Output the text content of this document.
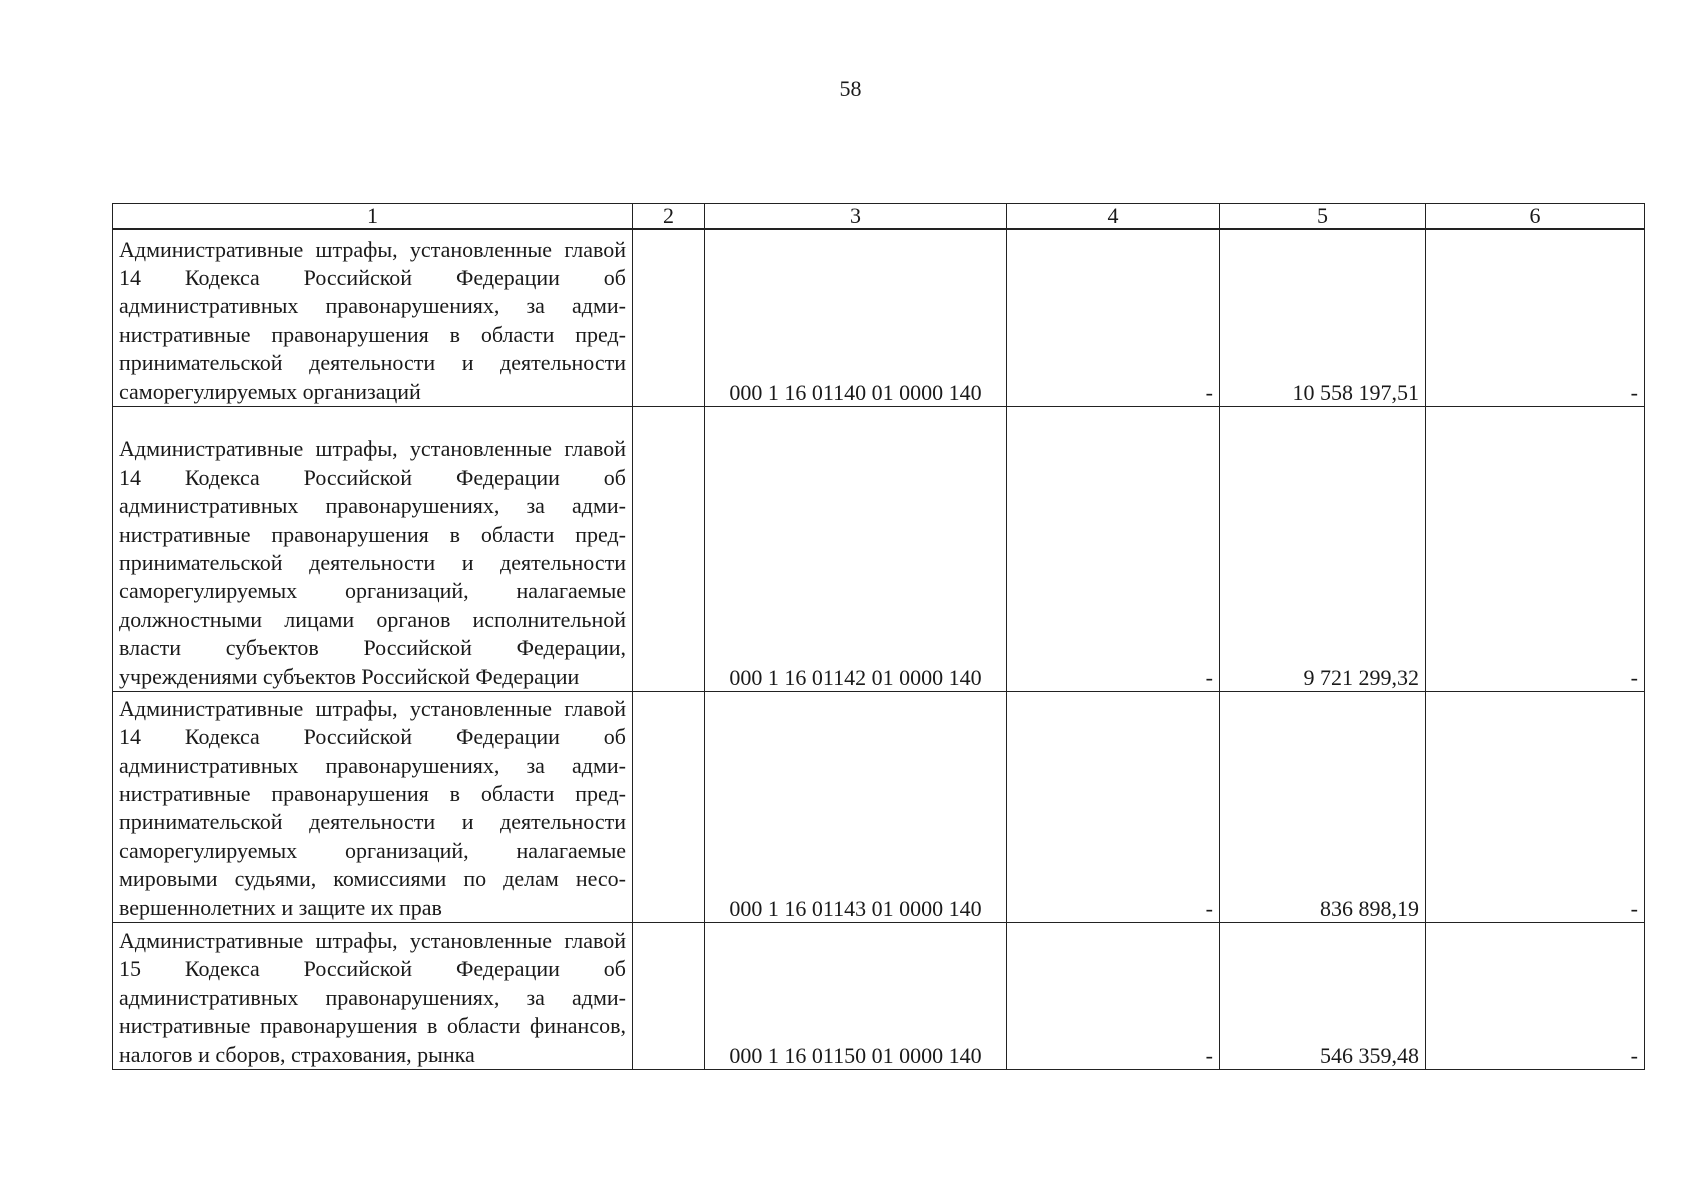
58
1	2	3	4	5	6
Административные штрафы, установленные главой 14 Кодекса Российской Федерации об административных правонарушениях, за административные правонарушения в области предпринимательской деятельности и деятельности саморегулируемых организаций		000 1 16 01140 01 0000 140	-	10 558 197,51	-
Административные штрафы, установленные главой 14 Кодекса Российской Федерации об административных правонарушениях, за административные правонарушения в области предпринимательской деятельности и деятельности саморегулируемых организаций, налагаемые должностными лицами органов исполнительной власти субъектов Российской Федерации, учреждениями субъектов Российской Федерации		000 1 16 01142 01 0000 140	-	9 721 299,32	-
Административные штрафы, установленные главой 14 Кодекса Российской Федерации об административных правонарушениях, за административные правонарушения в области предпринимательской деятельности и деятельности саморегулируемых организаций, налагаемые мировыми судьями, комиссиями по делам несовершеннолетних и защите их прав		000 1 16 01143 01 0000 140	-	836 898,19	-
Административные штрафы, установленные главой 15 Кодекса Российской Федерации об административных правонарушениях, за административные правонарушения в области финансов, налогов и сборов, страхования, рынка		000 1 16 01150 01 0000 140	-	546 359,48	-
